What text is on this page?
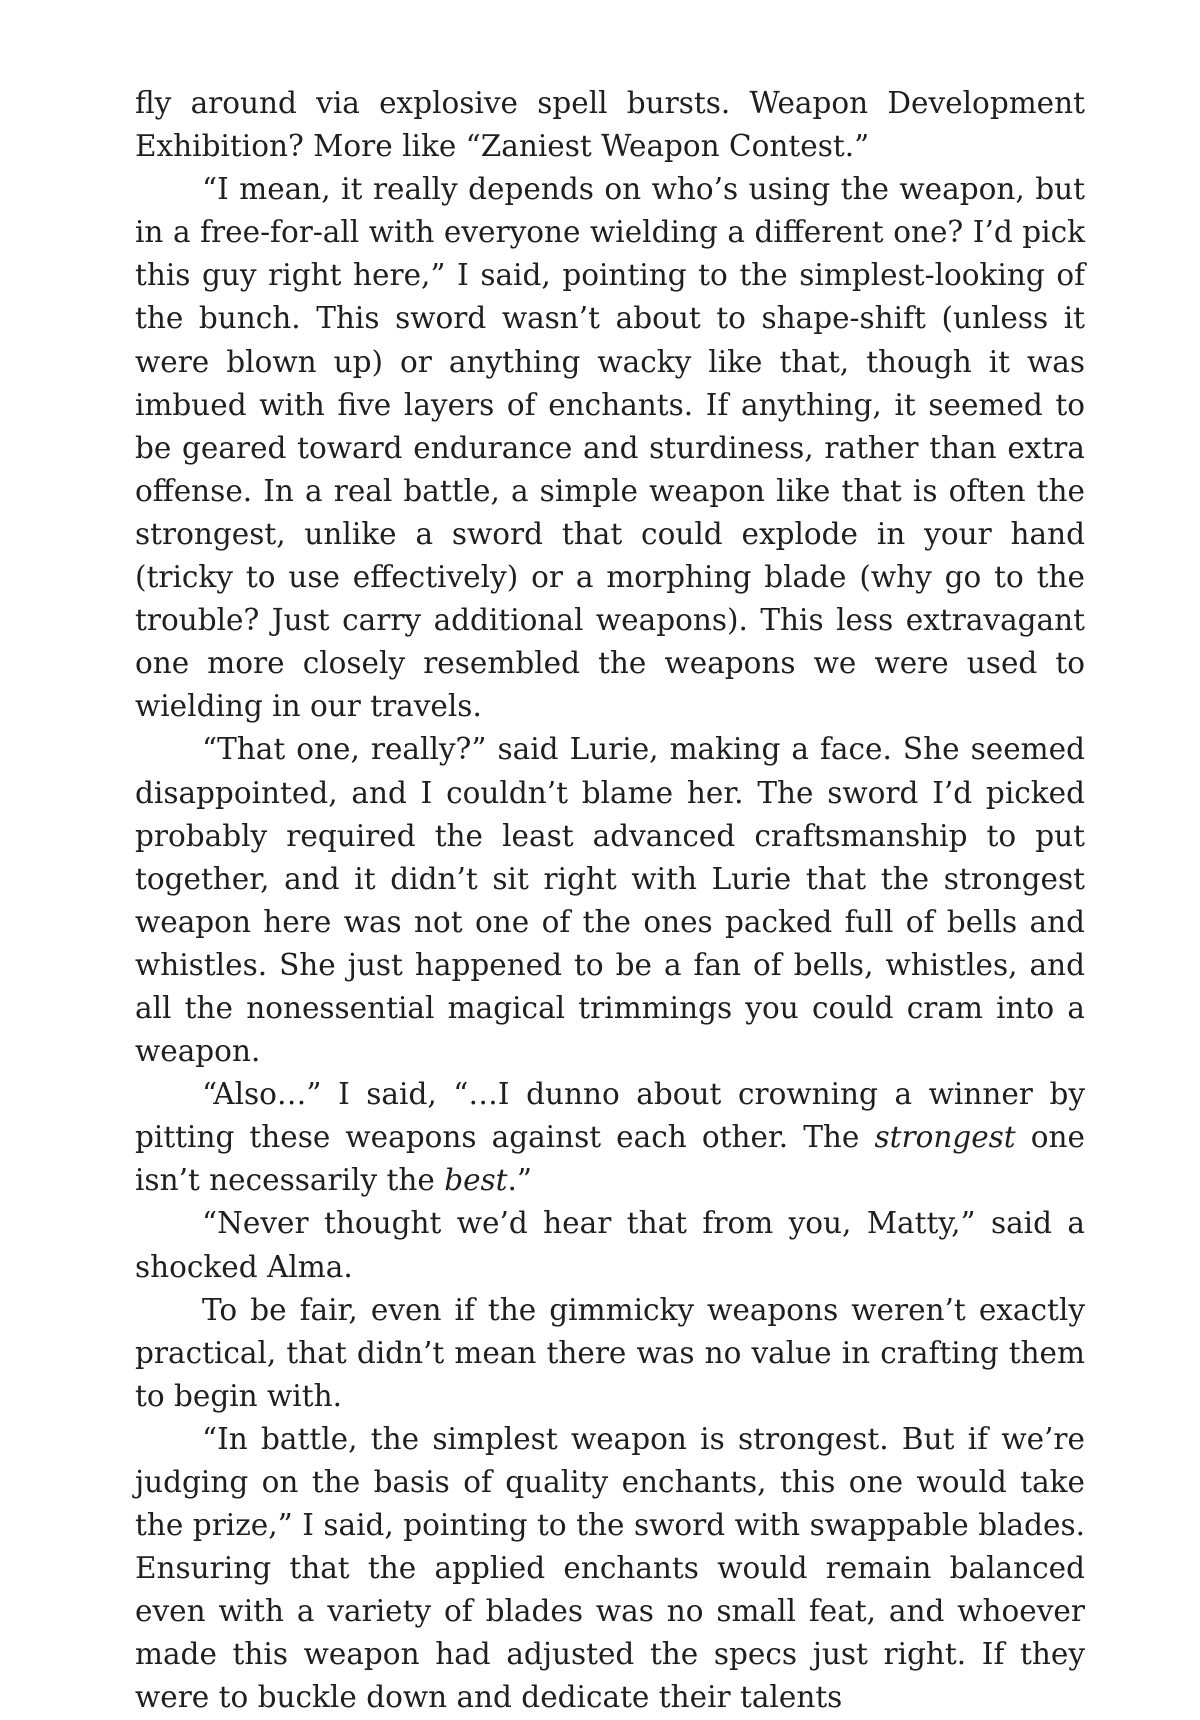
fly around via explosive spell bursts. Weapon Development Exhibition? More like “Zaniest Weapon Contest.”

“I mean, it really depends on who’s using the weapon, but in a free-for-all with everyone wielding a different one? I’d pick this guy right here,” I said, pointing to the simplest-looking of the bunch. This sword wasn’t about to shape-shift (unless it were blown up) or anything wacky like that, though it was imbued with five layers of enchants. If anything, it seemed to be geared toward endurance and sturdiness, rather than extra offense. In a real battle, a simple weapon like that is often the strongest, unlike a sword that could explode in your hand (tricky to use effectively) or a morphing blade (why go to the trouble? Just carry additional weapons). This less extravagant one more closely resembled the weapons we were used to wielding in our travels.

“That one, really?” said Lurie, making a face. She seemed disappointed, and I couldn’t blame her. The sword I’d picked probably required the least advanced craftsmanship to put together, and it didn’t sit right with Lurie that the strongest weapon here was not one of the ones packed full of bells and whistles. She just happened to be a fan of bells, whistles, and all the nonessential magical trimmings you could cram into a weapon.

“Also…” I said, “…I dunno about crowning a winner by pitting these weapons against each other. The strongest one isn’t necessarily the best.”

“Never thought we’d hear that from you, Matty,” said a shocked Alma.

To be fair, even if the gimmicky weapons weren’t exactly practical, that didn’t mean there was no value in crafting them to begin with.

“In battle, the simplest weapon is strongest. But if we’re judging on the basis of quality enchants, this one would take the prize,” I said, pointing to the sword with swappable blades. Ensuring that the applied enchants would remain balanced even with a variety of blades was no small feat, and whoever made this weapon had adjusted the specs just right. If they were to buckle down and dedicate their talents
